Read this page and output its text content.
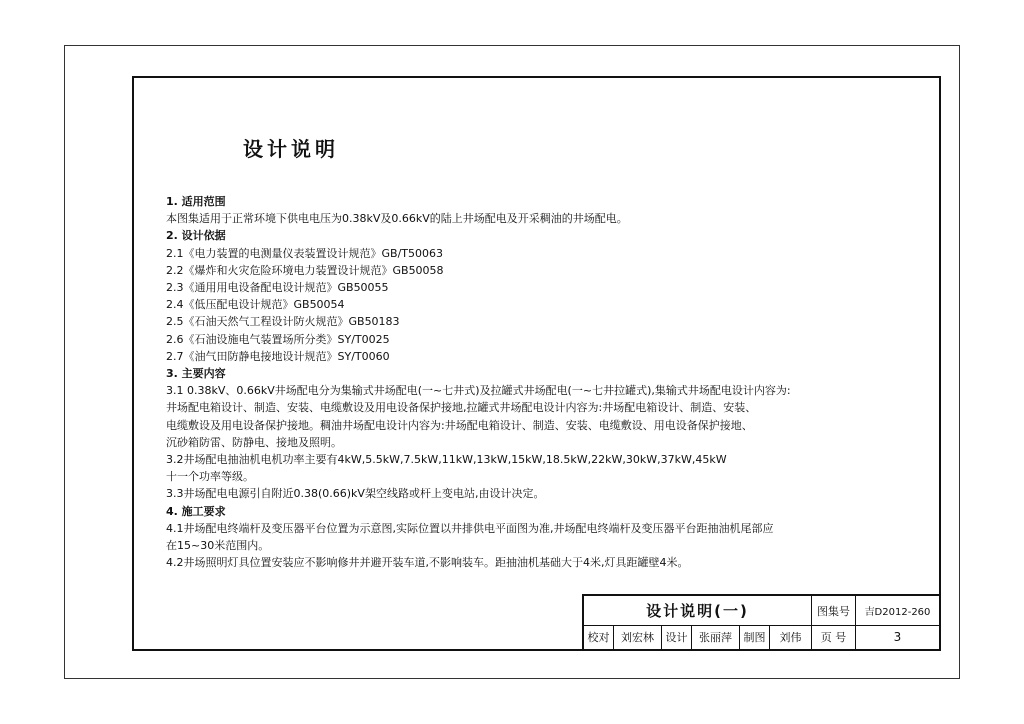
设计说明
1. 适用范围
本图集适用于正常环境下供电电压为0.38kV及0.66kV的陆上井场配电及开采稠油的井场配电。
2. 设计依据
2.1《电力装置的电测量仪表装置设计规范》GB/T50063
2.2《爆炸和火灾危险环境电力装置设计规范》GB50058
2.3《通用用电设备配电设计规范》GB50055
2.4《低压配电设计规范》GB50054
2.5《石油天然气工程设计防火规范》GB50183
2.6《石油设施电气装置场所分类》SY/T0025
2.7《油气田防静电接地设计规范》SY/T0060
3. 主要内容
3.1 0.38kV、0.66kV井场配电分为集输式井场配电(一~七井式)及拉罐式井场配电(一~七井拉罐式),集输式井场配电设计内容为:
井场配电箱设计、制造、安装、电缆敷设及用电设备保护接地,拉罐式井场配电设计内容为:井场配电箱设计、制造、安装、
电缆敷设及用电设备保护接地。稠油井场配电设计内容为:井场配电箱设计、制造、安装、电缆敷设、用电设备保护接地、
沉砂箱防雷、防静电、接地及照明。
3.2井场配电抽油机电机功率主要有4kW,5.5kW,7.5kW,11kW,13kW,15kW,18.5kW,22kW,30kW,37kW,45kW
十一个功率等级。
3.3井场配电电源引自附近0.38(0.66)kV架空线路或杆上变电站,由设计决定。
4. 施工要求
4.1井场配电终端杆及变压器平台位置为示意图,实际位置以井排供电平面图为准,井场配电终端杆及变压器平台距抽油机尾部应
在15~30米范围内。
4.2井场照明灯具位置安装应不影响修井并避开装车道,不影响装车。距抽油机基础大于4米,灯具距罐壁4米。
设计说明(一)	图集号	吉D2012-260
校对	刘宏林	设计	张丽萍	制图	刘伟	页 号	3
